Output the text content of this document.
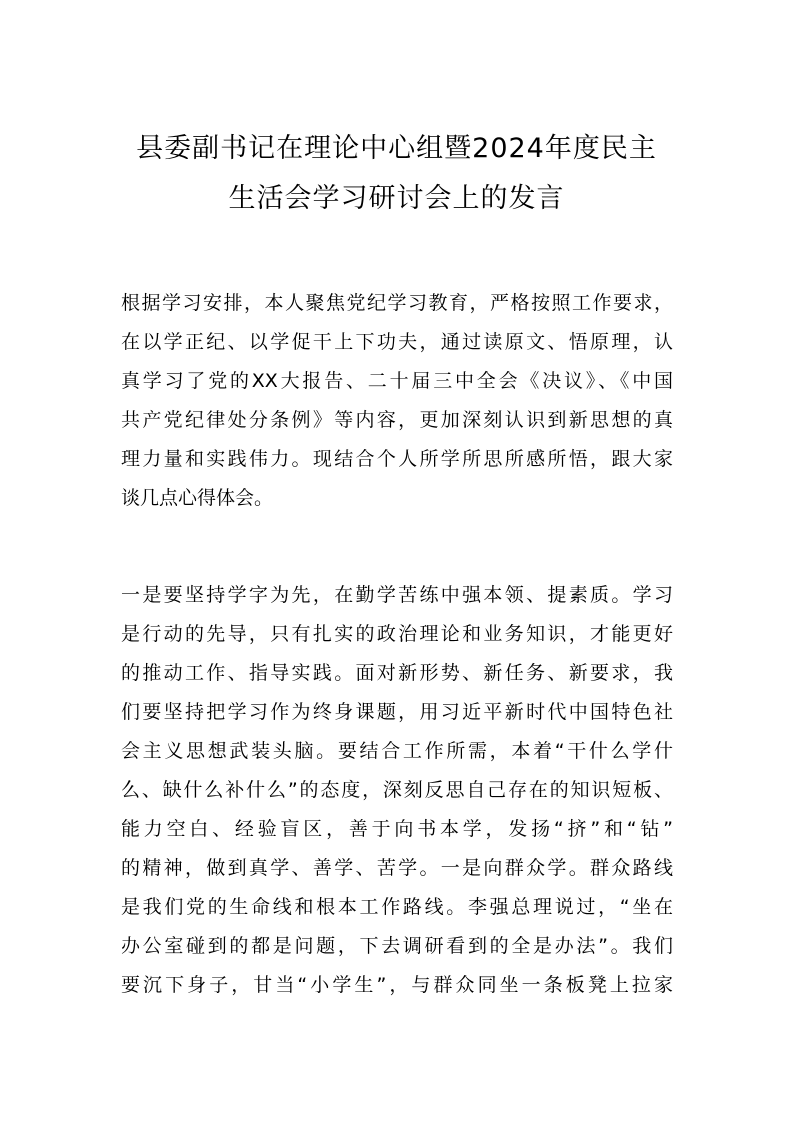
县委副书记在理论中心组暨2024年度民主
生活会学习研讨会上的发言
根据学习安排，本人聚焦党纪学习教育，严格按照工作要求，
在以学正纪、以学促干上下功夫，通过读原文、悟原理，认
真学习了党的XX大报告、二十届三中全会《决议》、《中国
共产党纪律处分条例》等内容，更加深刻认识到新思想的真
理力量和实践伟力。现结合个人所学所思所感所悟，跟大家
谈几点心得体会。
一是要坚持学字为先，在勤学苦练中强本领、提素质。学习
是行动的先导，只有扎实的政治理论和业务知识，才能更好
的推动工作、指导实践。面对新形势、新任务、新要求，我
们要坚持把学习作为终身课题，用习近平新时代中国特色社
会主义思想武装头脑。要结合工作所需，本着“干什么学什
么、缺什么补什么”的态度，深刻反思自己存在的知识短板、
能力空白、经验盲区，善于向书本学，发扬“挤”和“钻”
的精神，做到真学、善学、苦学。一是向群众学。群众路线
是我们党的生命线和根本工作路线。李强总理说过，“坐在
办公室碰到的都是问题，下去调研看到的全是办法”。我们
要沉下身子，甘当“小学生”，与群众同坐一条板凳上拉家
